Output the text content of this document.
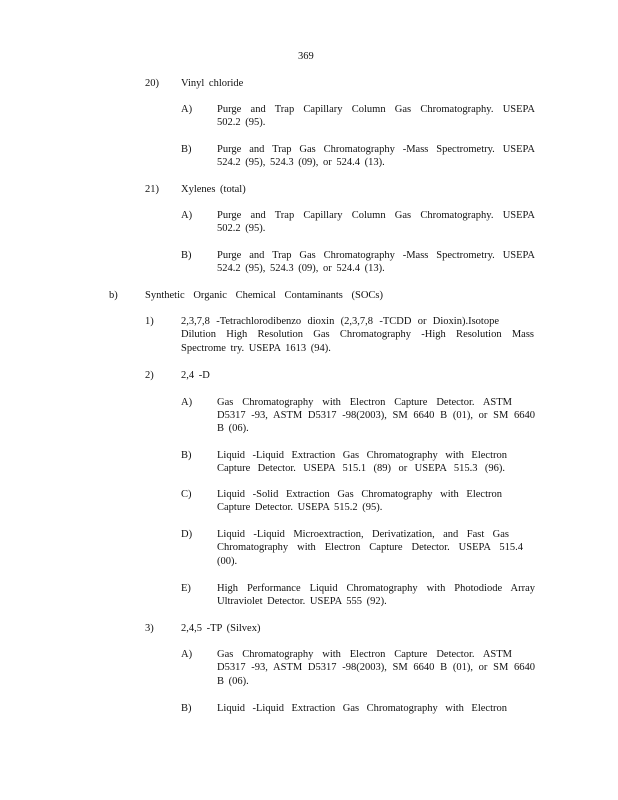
369
20) Vinyl chloride
A) Purge and Trap Capillary Column Gas Chromatography. USEPA
502.2 (95).
B) Purge and Trap Gas Chromatography -Mass Spectrometry. USEPA
524.2 (95), 524.3 (09), or 524.4 (13).
21) Xylenes (total)
A) Purge and Trap Capillary Column Gas Chromatography. USEPA
502.2 (95).
B) Purge and Trap Gas Chromatography -Mass Spectrometry. USEPA
524.2 (95), 524.3 (09), or 524.4 (13).
b)	Synthetic Organic Chemical Contaminants (SOCs)
1)	2,3,7,8 -Tetrachlorodibenzo dioxin (2,3,7,8 -TCDD or Dioxin).Isotope
Dilution High Resolution Gas Chromatography -High Resolution Mass
Spectrome try. USEPA 1613 (94).
2)	2,4 -D
A) Gas Chromatography with Electron Capture Detector. ASTM
D5317 -93, ASTM D5317 -98(2003), SM 6640 B (01), or SM 6640
B (06).
B) Liquid -Liquid Extraction Gas Chromatography with Electron
Capture Detector. USEPA 515.1 (89) or USEPA 515.3 (96).
C) Liquid -Solid Extraction Gas Chromatography with Electron
Capture Detector. USEPA 515.2 (95).
D) Liquid -Liquid Microextraction, Derivatization, and Fast Gas
Chromatography with Electron Capture Detector. USEPA 515.4
(00).
E) High Performance Liquid Chromatography with Photodiode Array
Ultraviolet Detector. USEPA 555 (92).
3)	2,4,5 -TP (Silvex)
A) Gas Chromatography with Electron Capture Detector. ASTM
D5317 -93, ASTM D5317 -98(2003), SM 6640 B (01), or SM 6640
B (06).
B) Liquid -Liquid Extraction Gas Chromatography with Electron
